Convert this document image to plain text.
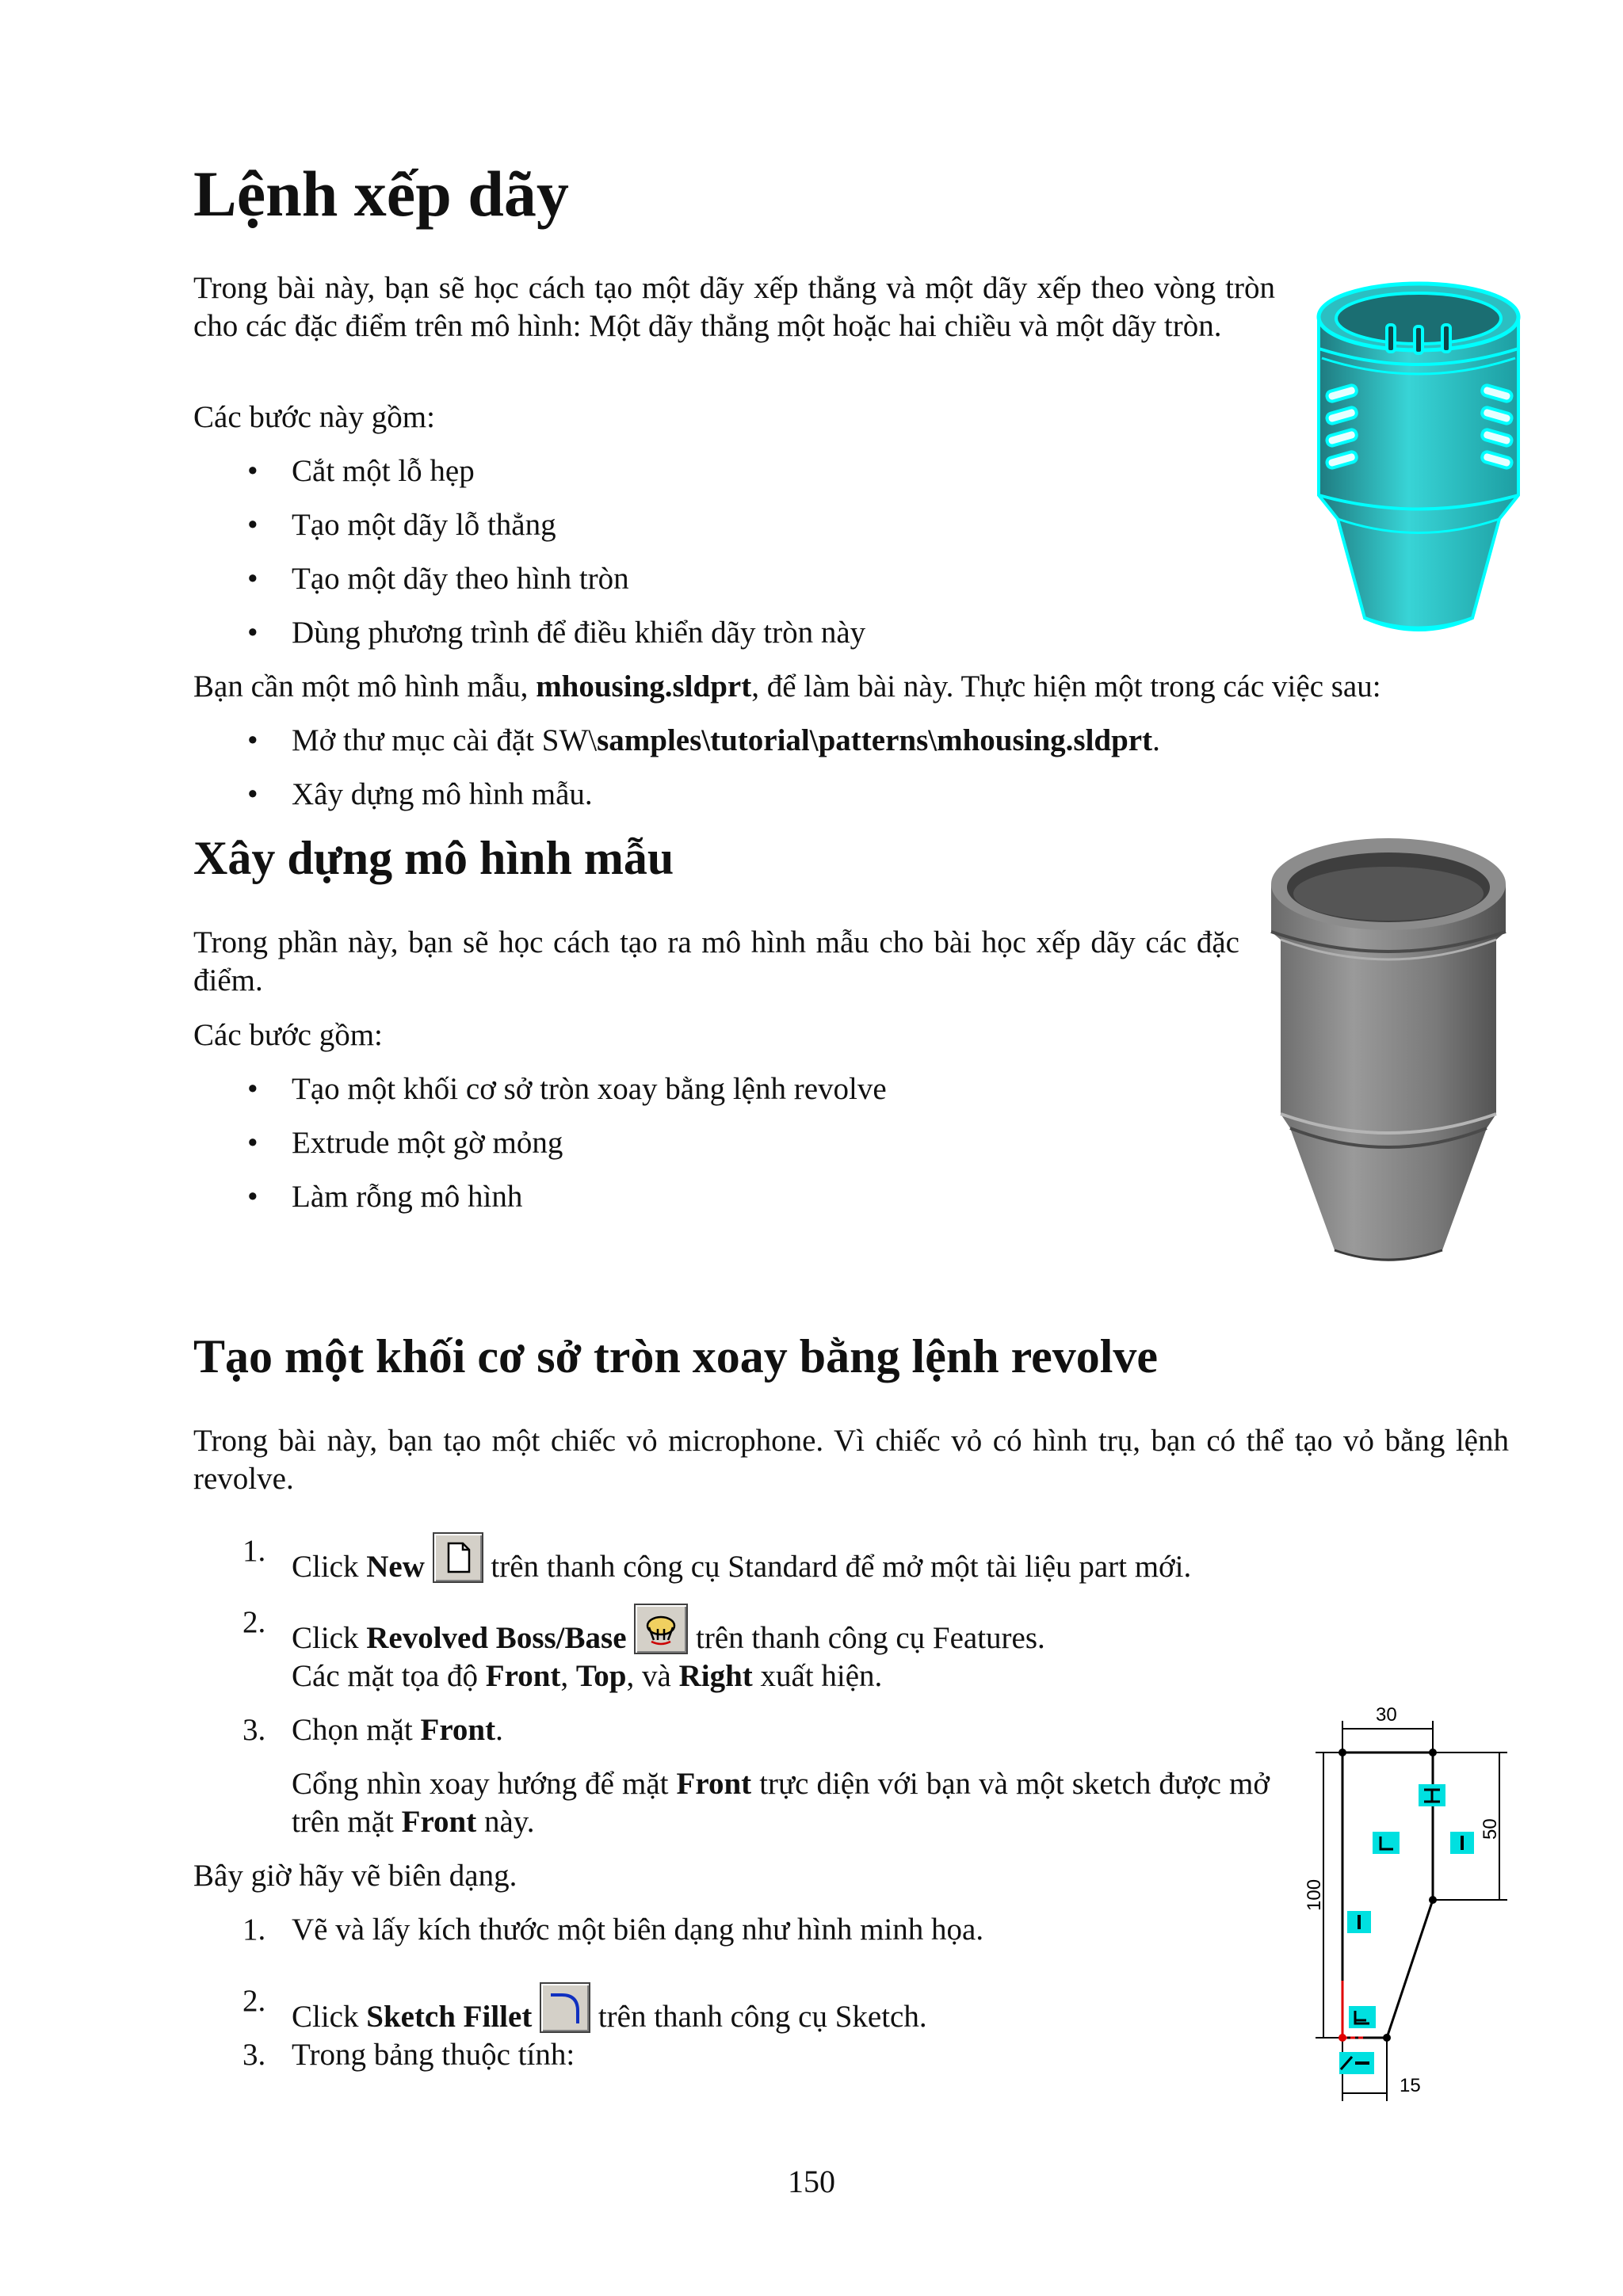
Lệnh xếp dãy

Trong bài này, bạn sẽ học cách tạo một dãy xếp thẳng và một dãy xếp theo vòng tròn cho các đặc điểm trên mô hình: Một dãy thẳng một hoặc hai chiều và một dãy tròn.

Các bước này gồm:

• Cắt một lỗ hẹp
• Tạo một dãy lỗ thẳng
• Tạo một dãy theo hình tròn
• Dùng phương trình để điều khiển dãy tròn này

Bạn cần một mô hình mẫu, mhousing.sldprt, để làm bài này. Thực hiện một trong các việc sau:

• Mở thư mục cài đặt SW\samples\tutorial\patterns\mhousing.sldprt.
• Xây dựng mô hình mẫu.
Xây dựng mô hình mẫu

Trong phần này, bạn sẽ học cách tạo ra mô hình mẫu cho bài học xếp dãy các đặc điểm.

Các bước gồm:

• Tạo một khối cơ sở tròn xoay bằng lệnh revolve
• Extrude một gờ mỏng
• Làm rỗng mô hình
Tạo một khối cơ sở tròn xoay bằng lệnh revolve

Trong bài này, bạn tạo một chiếc vỏ microphone. Vì chiếc vỏ có hình trụ, bạn có thể tạo vỏ bằng lệnh revolve.

1. Click New  trên thanh công cụ Standard để mở một tài liệu part mới.
2. Click Revolved Boss/Base  trên thanh công cụ Features.

Các mặt tọa độ Front, Top, và Right xuất hiện.

3. Chọn mặt Front.

Cổng nhìn xoay hướng để mặt Front trực diện với bạn và một sketch được mở trên mặt Front này.

Bây giờ hãy vẽ biên dạng.

1. Vẽ và lấy kích thước một biên dạng như hình minh họa.
2. Click Sketch Fillet  trên thanh công cụ Sketch.
3. Trong bảng thuộc tính:
30
50
100
15
150
